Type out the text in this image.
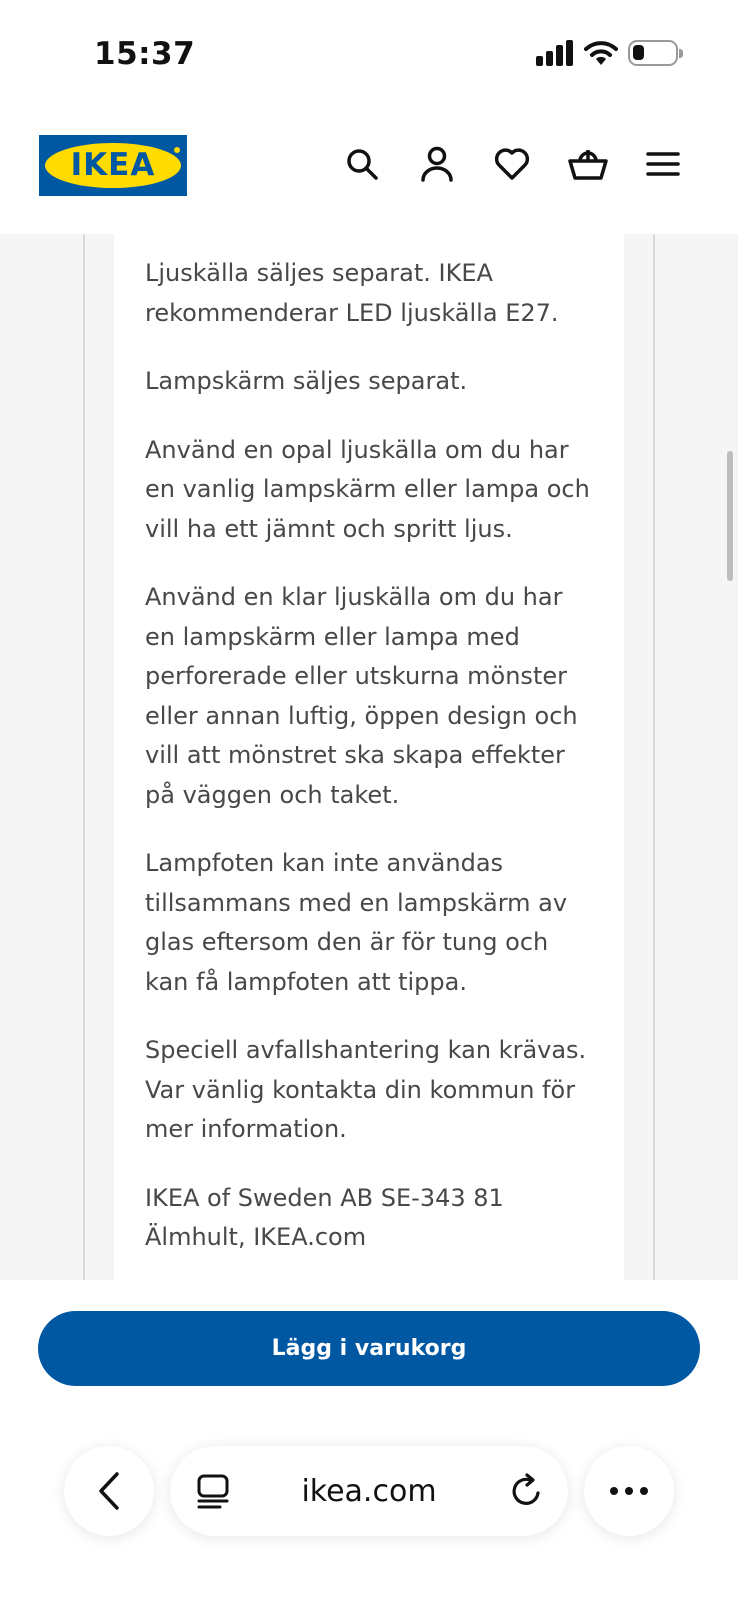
15:37
IKEA

Ljuskälla säljes separat. IKEA rekommenderar LED ljuskälla E27.

Lampskärm säljes separat.

Använd en opal ljuskälla om du har en vanlig lampskärm eller lampa och vill ha ett jämnt och spritt ljus.

Använd en klar ljuskälla om du har en lampskärm eller lampa med perforerade eller utskurna mönster eller annan luftig, öppen design och vill att mönstret ska skapa effekter på väggen och taket.

Lampfoten kan inte användas tillsammans med en lampskärm av glas eftersom den är för tung och kan få lampfoten att tippa.

Speciell avfallshantering kan krävas. Var vänlig kontakta din kommun för mer information.

IKEA of Sweden AB SE-343 81 Älmhult, IKEA.com

Lägg i varukorg
ikea.com
